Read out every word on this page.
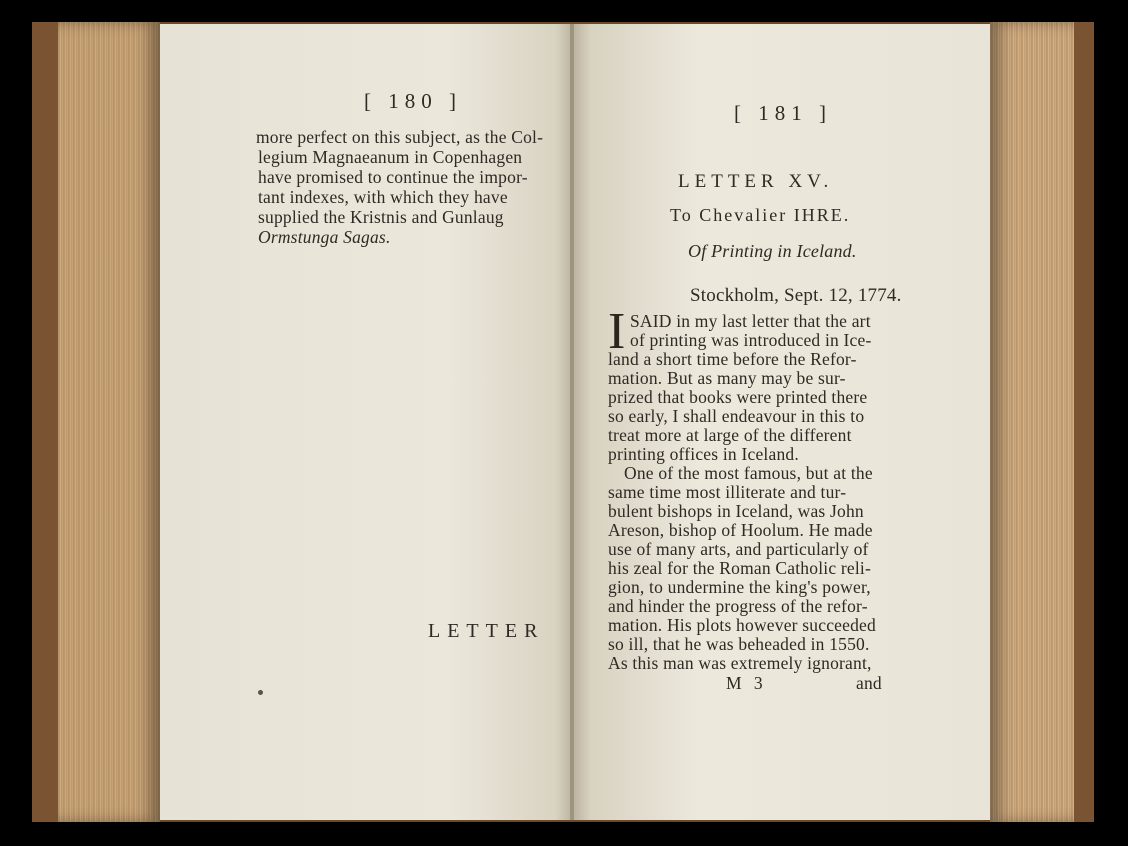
[ 180 ]
more perfect on this subject, as the Col-
legium Magnaeanum in Copenhagen
have promised to continue the impor-
tant indexes, with which they have
supplied the Kristnis and Gunlaug
Ormstunga Sagas.
LETTER
[ 181 ]
LETTER XV.
To Chevalier IHRE.
Of Printing in Iceland.
Stockholm, Sept. 12, 1774.
I SAID in my last letter that the art
of printing was introduced in Ice-
land a short time before the Refor-
mation. But as many may be sur-
prized that books were printed there
so early, I shall endeavour in this to
treat more at large of the different
printing offices in Iceland.
One of the most famous, but at the
same time most illiterate and tur-
bulent bishops in Iceland, was John
Areson, bishop of Hoolum. He made
use of many arts, and particularly of
his zeal for the Roman Catholic reli-
gion, to undermine the king's power,
and hinder the progress of the refor-
mation. His plots however succeeded
so ill, that he was beheaded in 1550.
As this man was extremely ignorant,
M 3	and
